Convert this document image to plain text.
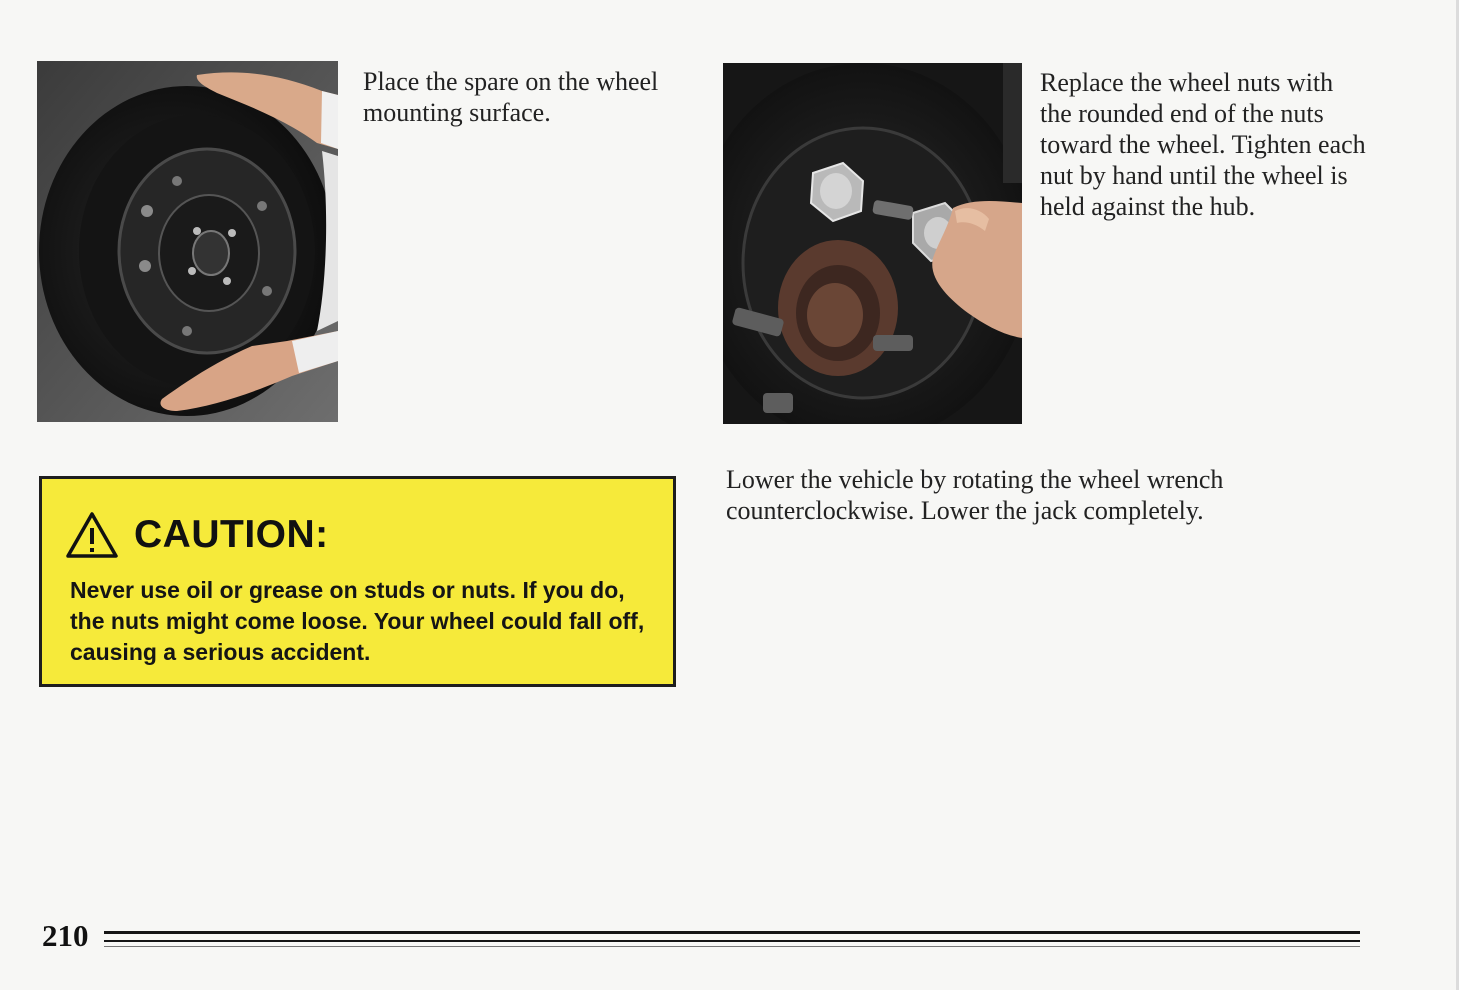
Place the spare on the wheel mounting surface.

Replace the wheel nuts with the rounded end of the nuts toward the wheel. Tighten each nut by hand until the wheel is held against the hub.

CAUTION:

Never use oil or grease on studs or nuts. If you do, the nuts might come loose. Your wheel could fall off, causing a serious accident.

Lower the vehicle by rotating the wheel wrench counterclockwise. Lower the jack completely.

210
